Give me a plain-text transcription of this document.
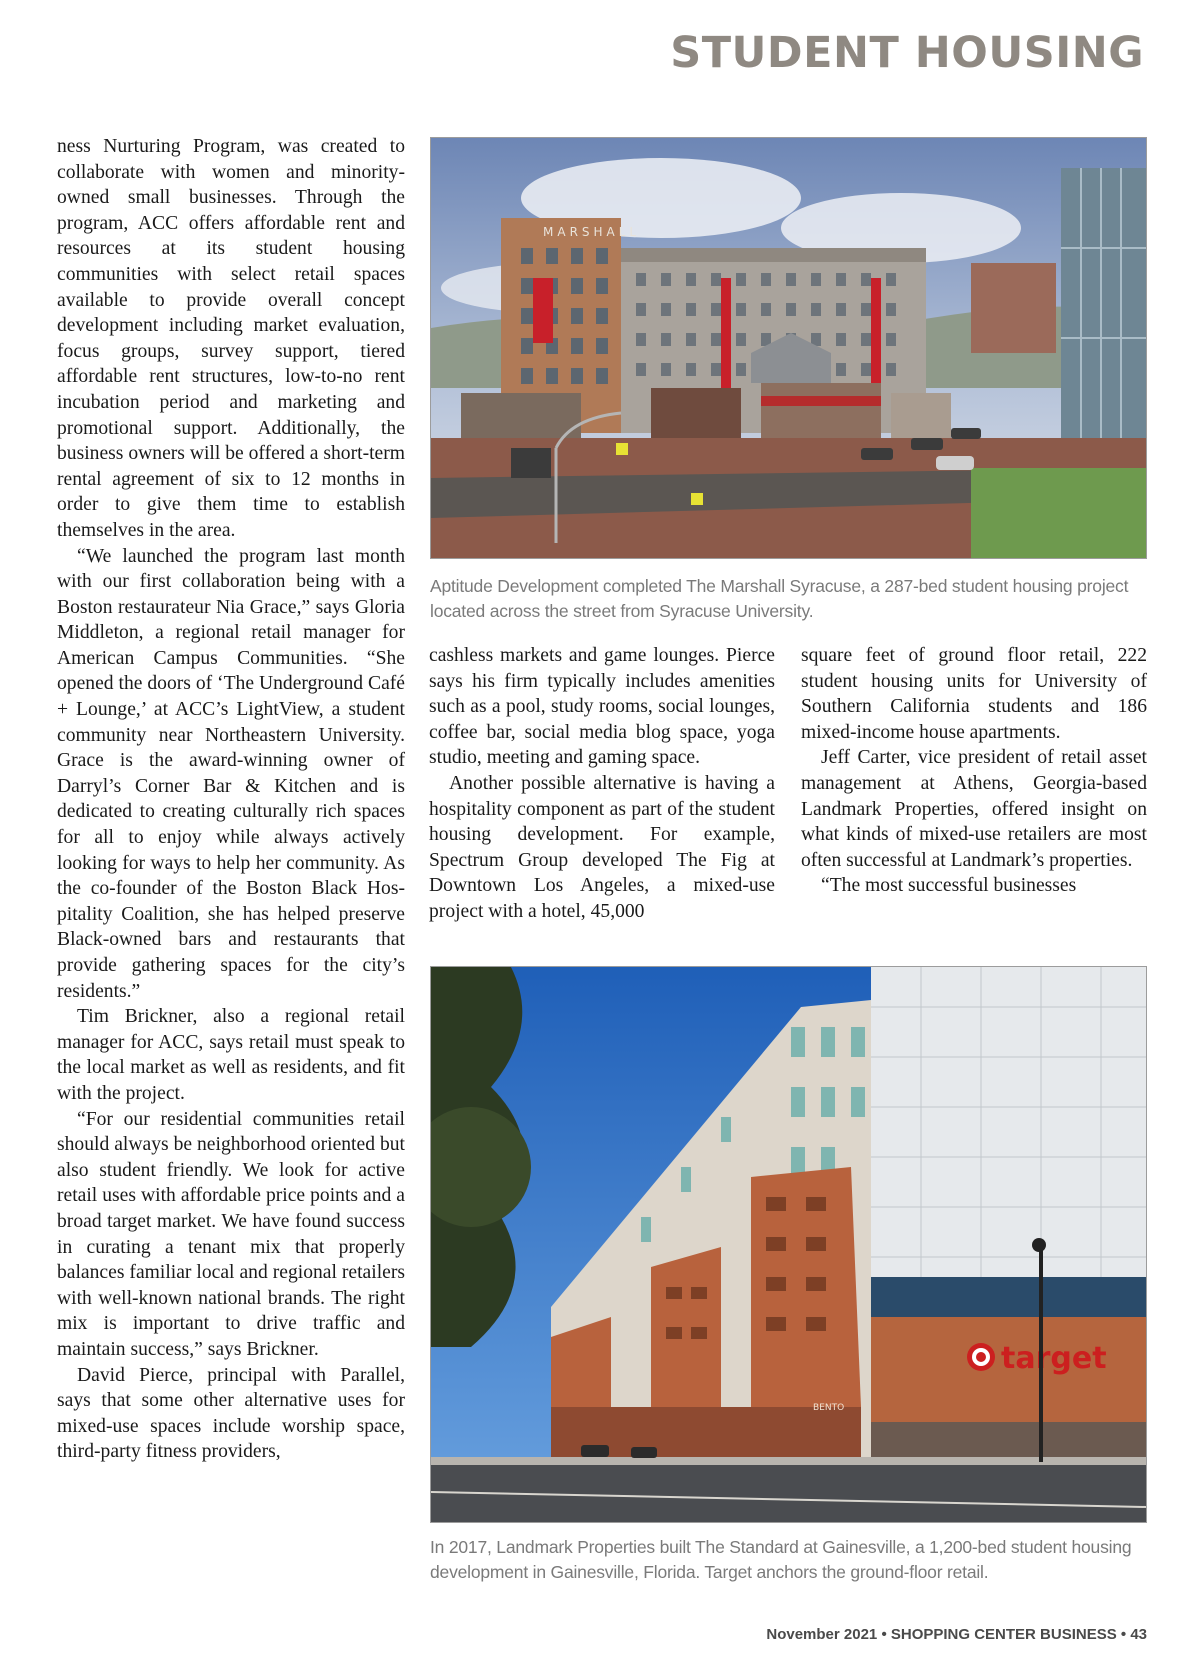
STUDENT HOUSING

ness Nurturing Program, was created to collaborate with women and minority-owned small businesses. Through the program, ACC offers affordable rent and resources at its student housing communities with select retail spaces available to provide overall concept development including market evaluation, focus groups, survey support, tiered affordable rent structures, low-to-no rent incubation period and marketing and promotional support. Additionally, the business owners will be offered a short-term rental agreement of six to 12 months in order to give them time to establish themselves in the area.

“We launched the program last month with our first collaboration being with a Boston restaurateur Nia Grace,” says Gloria Middleton, a regional retail manager for American Campus Communities. “She opened the doors of ‘The Underground Café + Lounge,’ at ACC’s LightView, a student community near Northeastern University. Grace is the award-winning owner of Darryl’s Corner Bar & Kitchen and is dedicated to creating culturally rich spaces for all to enjoy while always actively looking for ways to help her community. As the co-founder of the Boston Black Hospitality Coalition, she has helped preserve Black-owned bars and restaurants that provide gathering spaces for the city’s residents.”

Tim Brickner, also a regional retail manager for ACC, says retail must speak to the local market as well as residents, and fit with the project.

“For our residential communities retail should always be neighborhood oriented but also student friendly. We look for active retail uses with affordable price points and a broad target market. We have found success in curating a tenant mix that properly balances familiar local and regional retailers with well-known national brands. The right mix is important to drive traffic and maintain success,” says Brickner.

David Pierce, principal with Parallel, says that some other alternative uses for mixed-use spaces include worship space, third-party fitness providers,

MARSHALL

Aptitude Development completed The Marshall Syracuse, a 287-bed student housing project located across the street from Syracuse University.

cashless markets and game lounges. Pierce says his firm typically includes amenities such as a pool, study rooms, social lounges, coffee bar, social media blog space, yoga studio, meeting and gaming space.

Another possible alternative is having a hospitality component as part of the student housing development. For example, Spectrum Group developed The Fig at Downtown Los Angeles, a mixed-use project with a hotel, 45,000

square feet of ground floor retail, 222 student housing units for University of Southern California students and 186 mixed-income house apartments.

Jeff Carter, vice president of retail asset management at Athens, Georgia-based Landmark Properties, offered insight on what kinds of mixed-use retailers are most often successful at Landmark’s properties.

“The most successful businesses

BENTO
target

In 2017, Landmark Properties built The Standard at Gainesville, a 1,200-bed student housing development in Gainesville, Florida. Target anchors the ground-floor retail.

November 2021 • SHOPPING CENTER BUSINESS • 43
